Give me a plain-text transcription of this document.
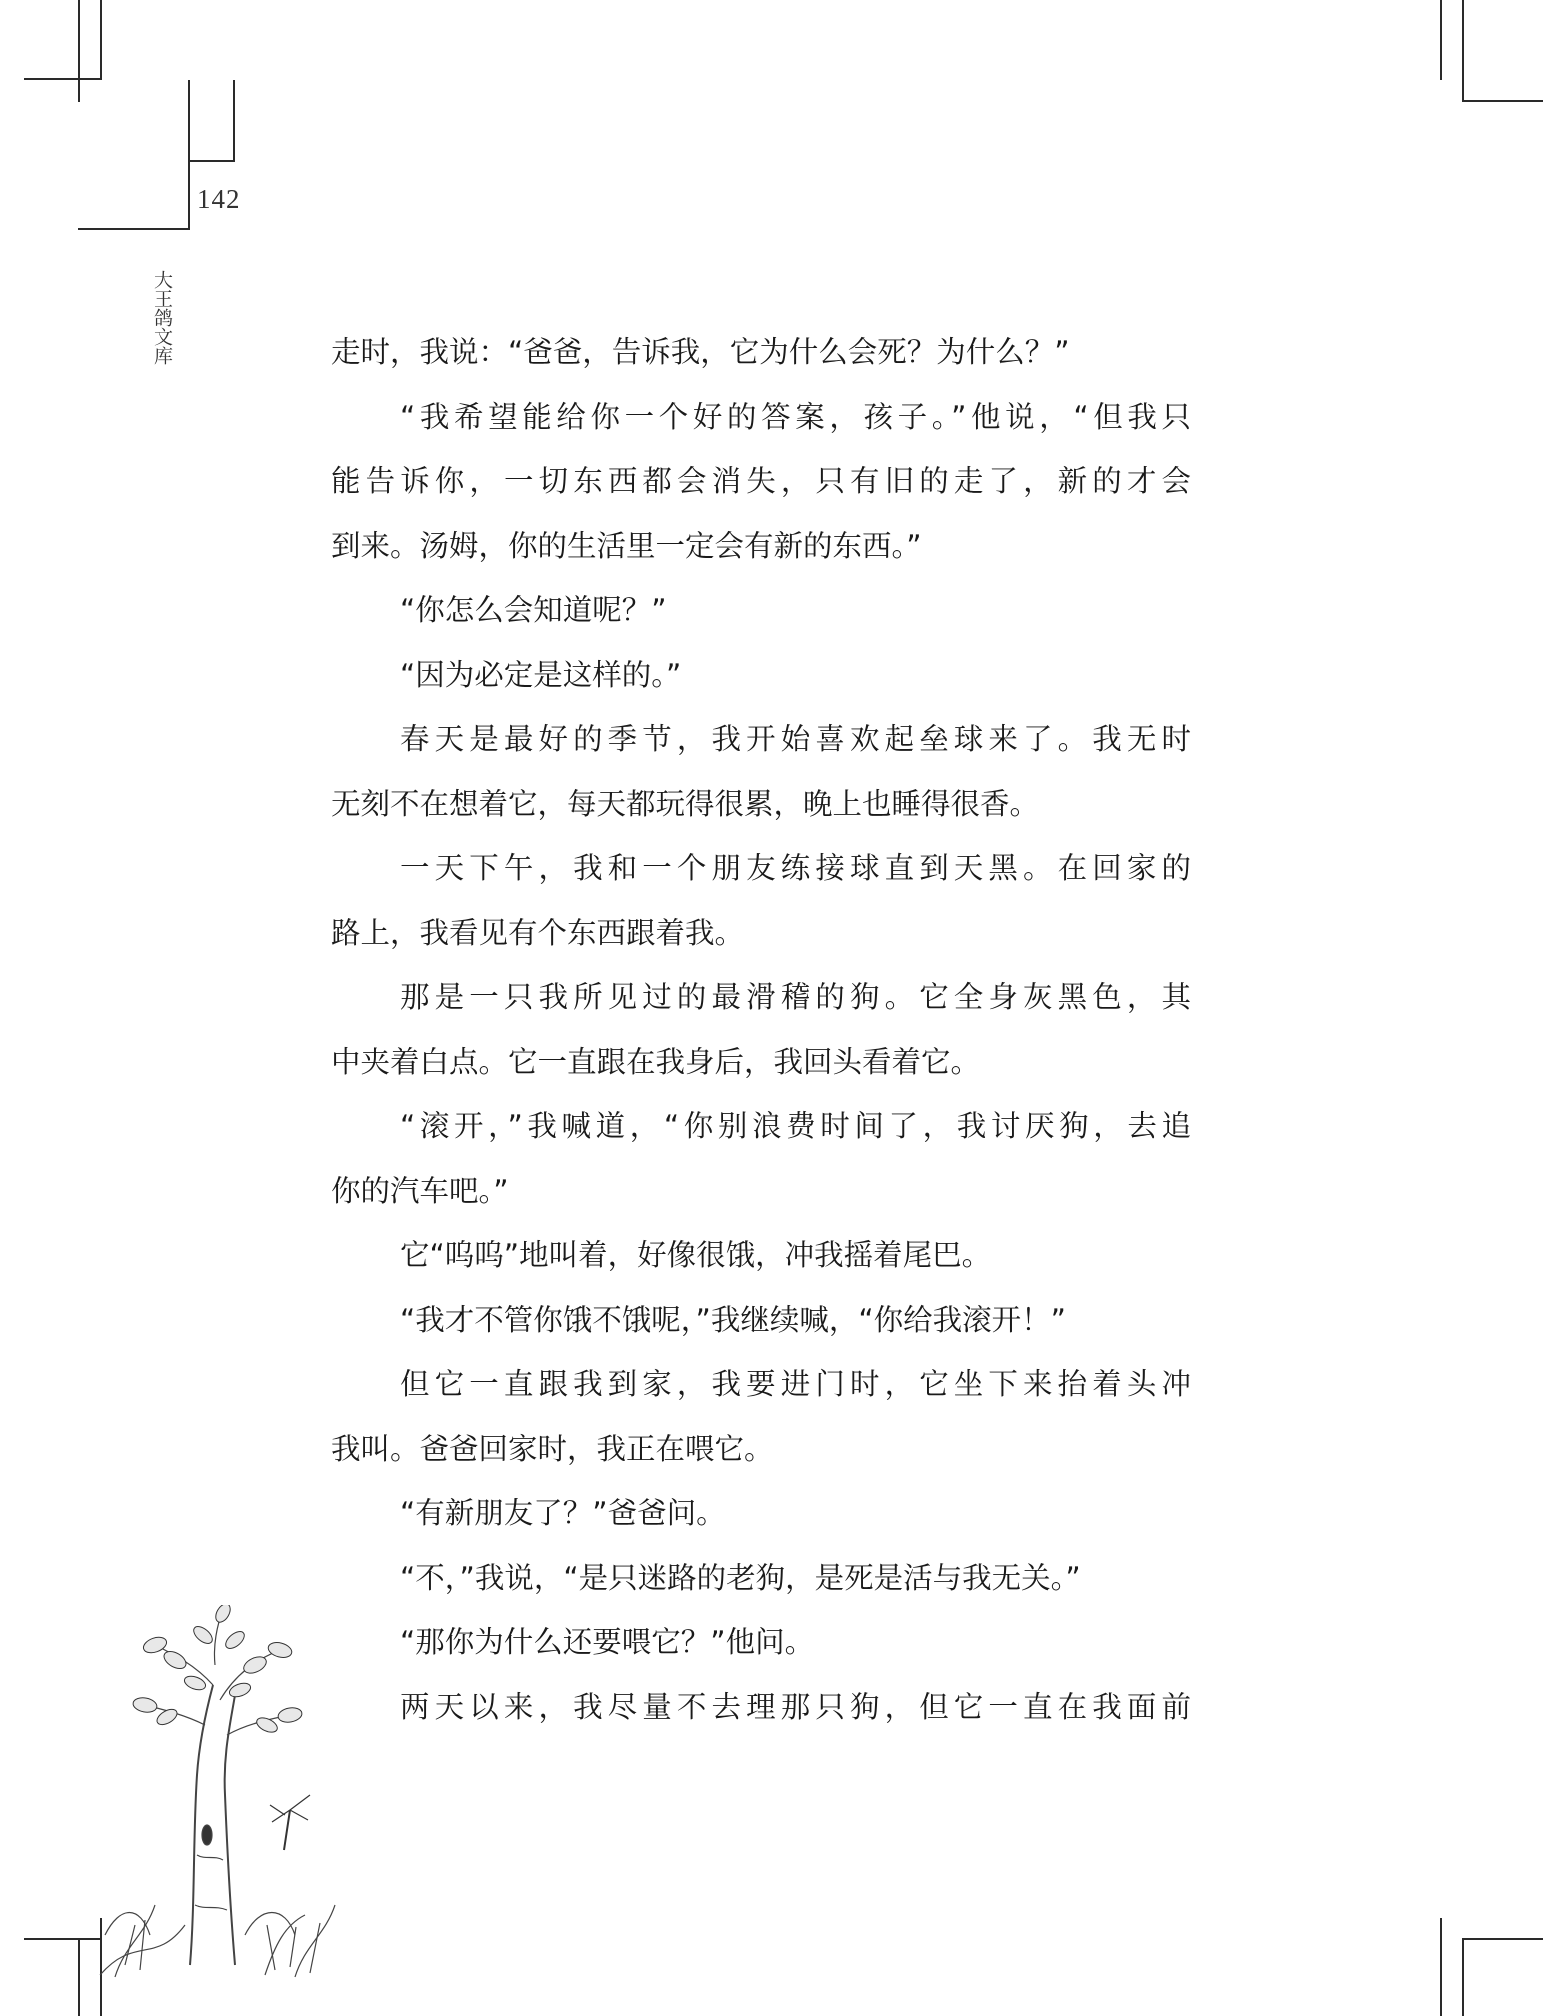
142
大王鸽文库	走时，我说：“爸爸，告诉我，它为什么会死？为什么？”
“我希望能给你一个好的答案，孩子。”他说，“但我只
能告诉你，一切东西都会消失，只有旧的走了，新的才会
到来。汤姆，你的生活里一定会有新的东西。”
“你怎么会知道呢？”
“因为必定是这样的。”
春天是最好的季节，我开始喜欢起垒球来了。我无时
无刻不在想着它，每天都玩得很累，晚上也睡得很香。
一天下午，我和一个朋友练接球直到天黑。在回家的
路上，我看见有个东西跟着我。
那是一只我所见过的最滑稽的狗。它全身灰黑色，其
中夹着白点。它一直跟在我身后，我回头看着它。
“滚开，”我喊道，“你别浪费时间了，我讨厌狗，去追
你的汽车吧。”
它“呜呜”地叫着，好像很饿，冲我摇着尾巴。
“我才不管你饿不饿呢，”我继续喊，“你给我滚开！”
但它一直跟我到家，我要进门时，它坐下来抬着头冲
我叫。爸爸回家时，我正在喂它。
“有新朋友了？”爸爸问。
“不，”我说，“是只迷路的老狗，是死是活与我无关。”
“那你为什么还要喂它？”他问。
两天以来，我尽量不去理那只狗，但它一直在我面前
